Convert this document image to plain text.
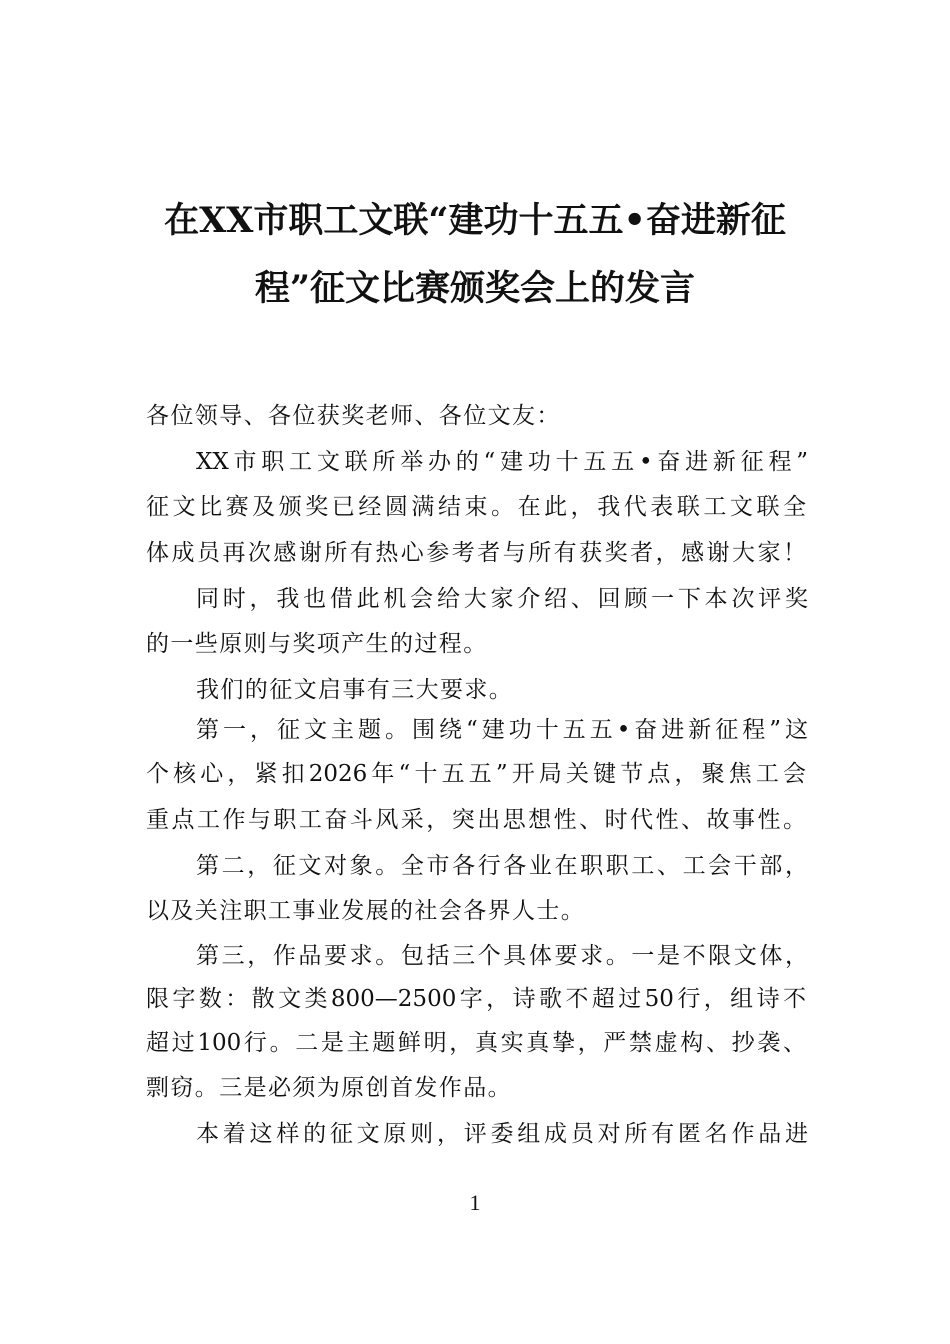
在XX市职工文联“建功十五五•奋进新征
程”征文比赛颁奖会上的发言
各位领导、各位获奖老师、各位文友：
XX市职工文联所举办的“建功十五五•奋进新征程”
征文比赛及颁奖已经圆满结束。在此，我代表联工文联全
体成员再次感谢所有热心参考者与所有获奖者，感谢大家！
同时，我也借此机会给大家介绍、回顾一下本次评奖
的一些原则与奖项产生的过程。
我们的征文启事有三大要求。
第一，征文主题。围绕“建功十五五•奋进新征程”这
个核心，紧扣2026年“十五五”开局关键节点，聚焦工会
重点工作与职工奋斗风采，突出思想性、时代性、故事性。
第二，征文对象。全市各行各业在职职工、工会干部，
以及关注职工事业发展的社会各界人士。
第三，作品要求。包括三个具体要求。一是不限文体，
限字数：散文类800—2500字，诗歌不超过50行，组诗不
超过100行。二是主题鲜明，真实真挚，严禁虚构、抄袭、
剽窃。三是必须为原创首发作品。
本着这样的征文原则，评委组成员对所有匿名作品进
1
